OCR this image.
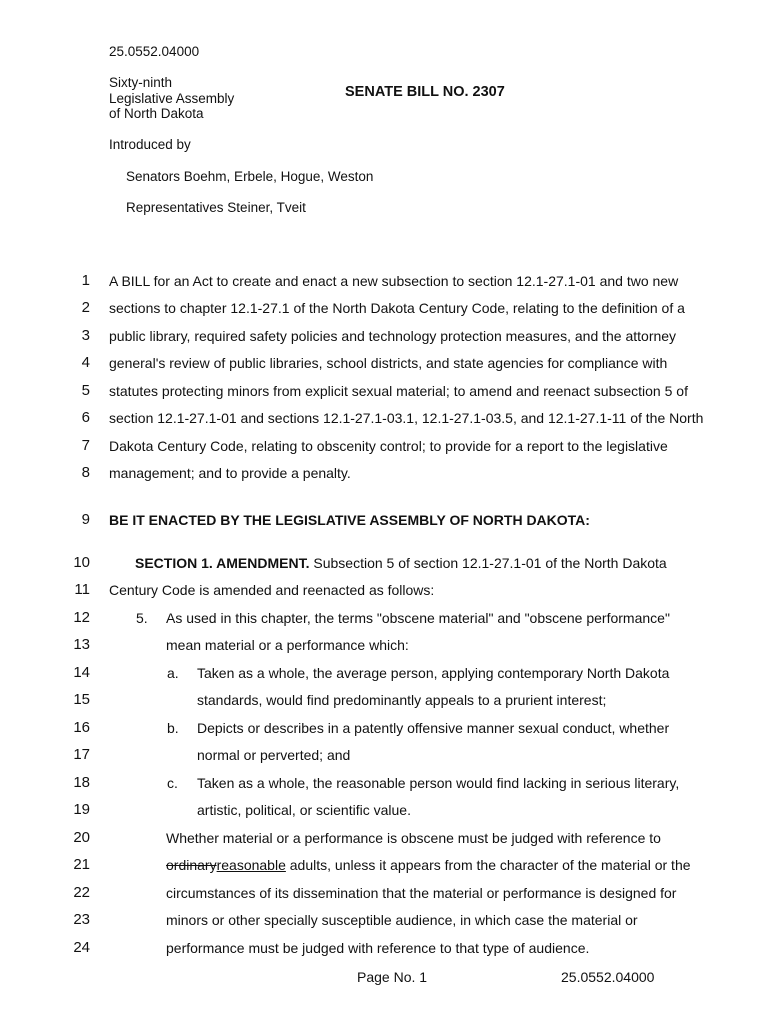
25.0552.04000
Sixty-ninth
Legislative Assembly
of North Dakota
SENATE BILL NO. 2307
Introduced by
Senators Boehm, Erbele, Hogue, Weston
Representatives Steiner, Tveit
1 A BILL for an Act to create and enact a new subsection to section 12.1-27.1-01 and two new
2 sections to chapter 12.1-27.1 of the North Dakota Century Code, relating to the definition of a
3 public library, required safety policies and technology protection measures, and the attorney
4 general's review of public libraries, school districts, and state agencies for compliance with
5 statutes protecting minors from explicit sexual material; to amend and reenact subsection 5 of
6 section 12.1-27.1-01 and sections 12.1-27.1-03.1, 12.1-27.1-03.5, and 12.1-27.1-11 of the North
7 Dakota Century Code, relating to obscenity control; to provide for a report to the legislative
8 management; and to provide a penalty.
9 BE IT ENACTED BY THE LEGISLATIVE ASSEMBLY OF NORTH DAKOTA:
10	SECTION 1. AMENDMENT. Subsection 5 of section 12.1-27.1-01 of the North Dakota
11 Century Code is amended and reenacted as follows:
12	5. As used in this chapter, the terms "obscene material" and "obscene performance"
13	mean material or a performance which:
14	a. Taken as a whole, the average person, applying contemporary North Dakota
15	standards, would find predominantly appeals to a prurient interest;
16	b. Depicts or describes in a patently offensive manner sexual conduct, whether
17	normal or perverted; and
18	c. Taken as a whole, the reasonable person would find lacking in serious literary,
19	artistic, political, or scientific value.
20	Whether material or a performance is obscene must be judged with reference to
21	ordinaryreasonable adults, unless it appears from the character of the material or the
22	circumstances of its dissemination that the material or performance is designed for
23	minors or other specially susceptible audience, in which case the material or
24	performance must be judged with reference to that type of audience.
Page No. 1	25.0552.04000
